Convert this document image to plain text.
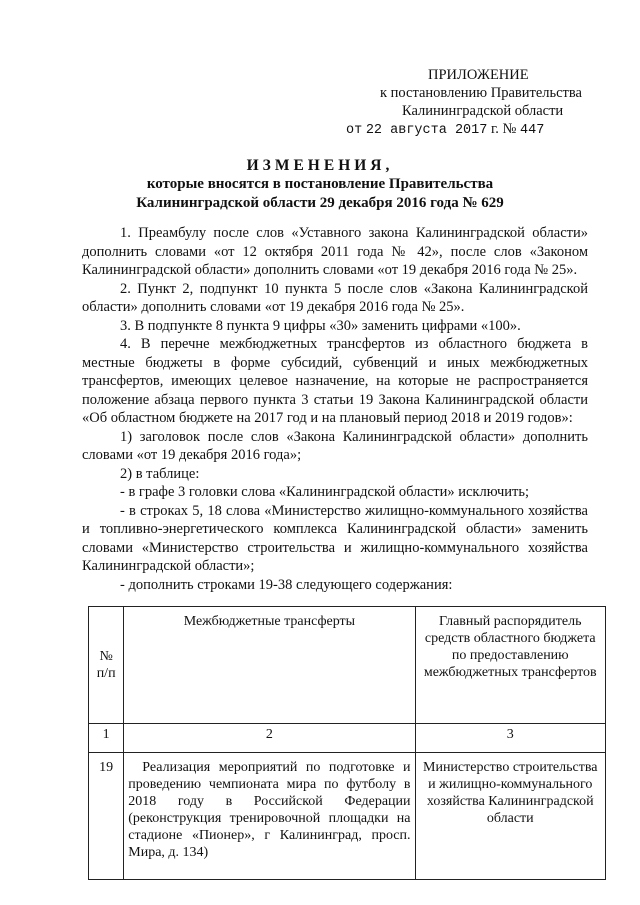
ПРИЛОЖЕНИЕ
к постановлению Правительства
Калининградской области
от 22 августа 2017 г. № 447
ИЗМЕНЕНИЯ,
которые вносятся в постановление Правительства
Калининградской области 29 декабря 2016 года № 629

1. Преамбулу после слов «Уставного закона Калининградской области» дополнить словами «от 12 октября 2011 года № 42», после слов «Законом Калининградской области» дополнить словами «от 19 декабря 2016 года № 25».

2. Пункт 2, подпункт 10 пункта 5 после слов «Закона Калининградской области» дополнить словами «от 19 декабря 2016 года № 25».

3. В подпункте 8 пункта 9 цифры «30» заменить цифрами «100».

4. В перечне межбюджетных трансфертов из областного бюджета в местные бюджеты в форме субсидий, субвенций и иных межбюджетных трансфертов, имеющих целевое назначение, на которые не распространяется положение абзаца первого пункта 3 статьи 19 Закона Калининградской области «Об областном бюджете на 2017 год и на плановый период 2018 и 2019 годов»:

1) заголовок после слов «Закона Калининградской области» дополнить словами «от 19 декабря 2016 года»;

2) в таблице:

- в графе 3 головки слова «Калининградской области» исключить;

- в строках 5, 18 слова «Министерство жилищно-коммунального хозяйства и топливно-энергетического комплекса Калининградской области» заменить словами «Министерство строительства и жилищно-коммунального хозяйства Калининградской области»;

- дополнить строками 19-38 следующего содержания:

№ п/п	Межбюджетные трансферты	Главный распорядитель средств областного бюджета по предоставлению межбюджетных трансфертов
1	2	3
19	Реализация мероприятий по подготовке и проведению чемпионата мира по футболу в 2018 году в Российской Федерации (реконструкция тренировочной площадки на стадионе «Пионер», г Калининград, просп. Мира, д. 134)	Министерство строительства и жилищно-коммунального хозяйства Калининградской области
